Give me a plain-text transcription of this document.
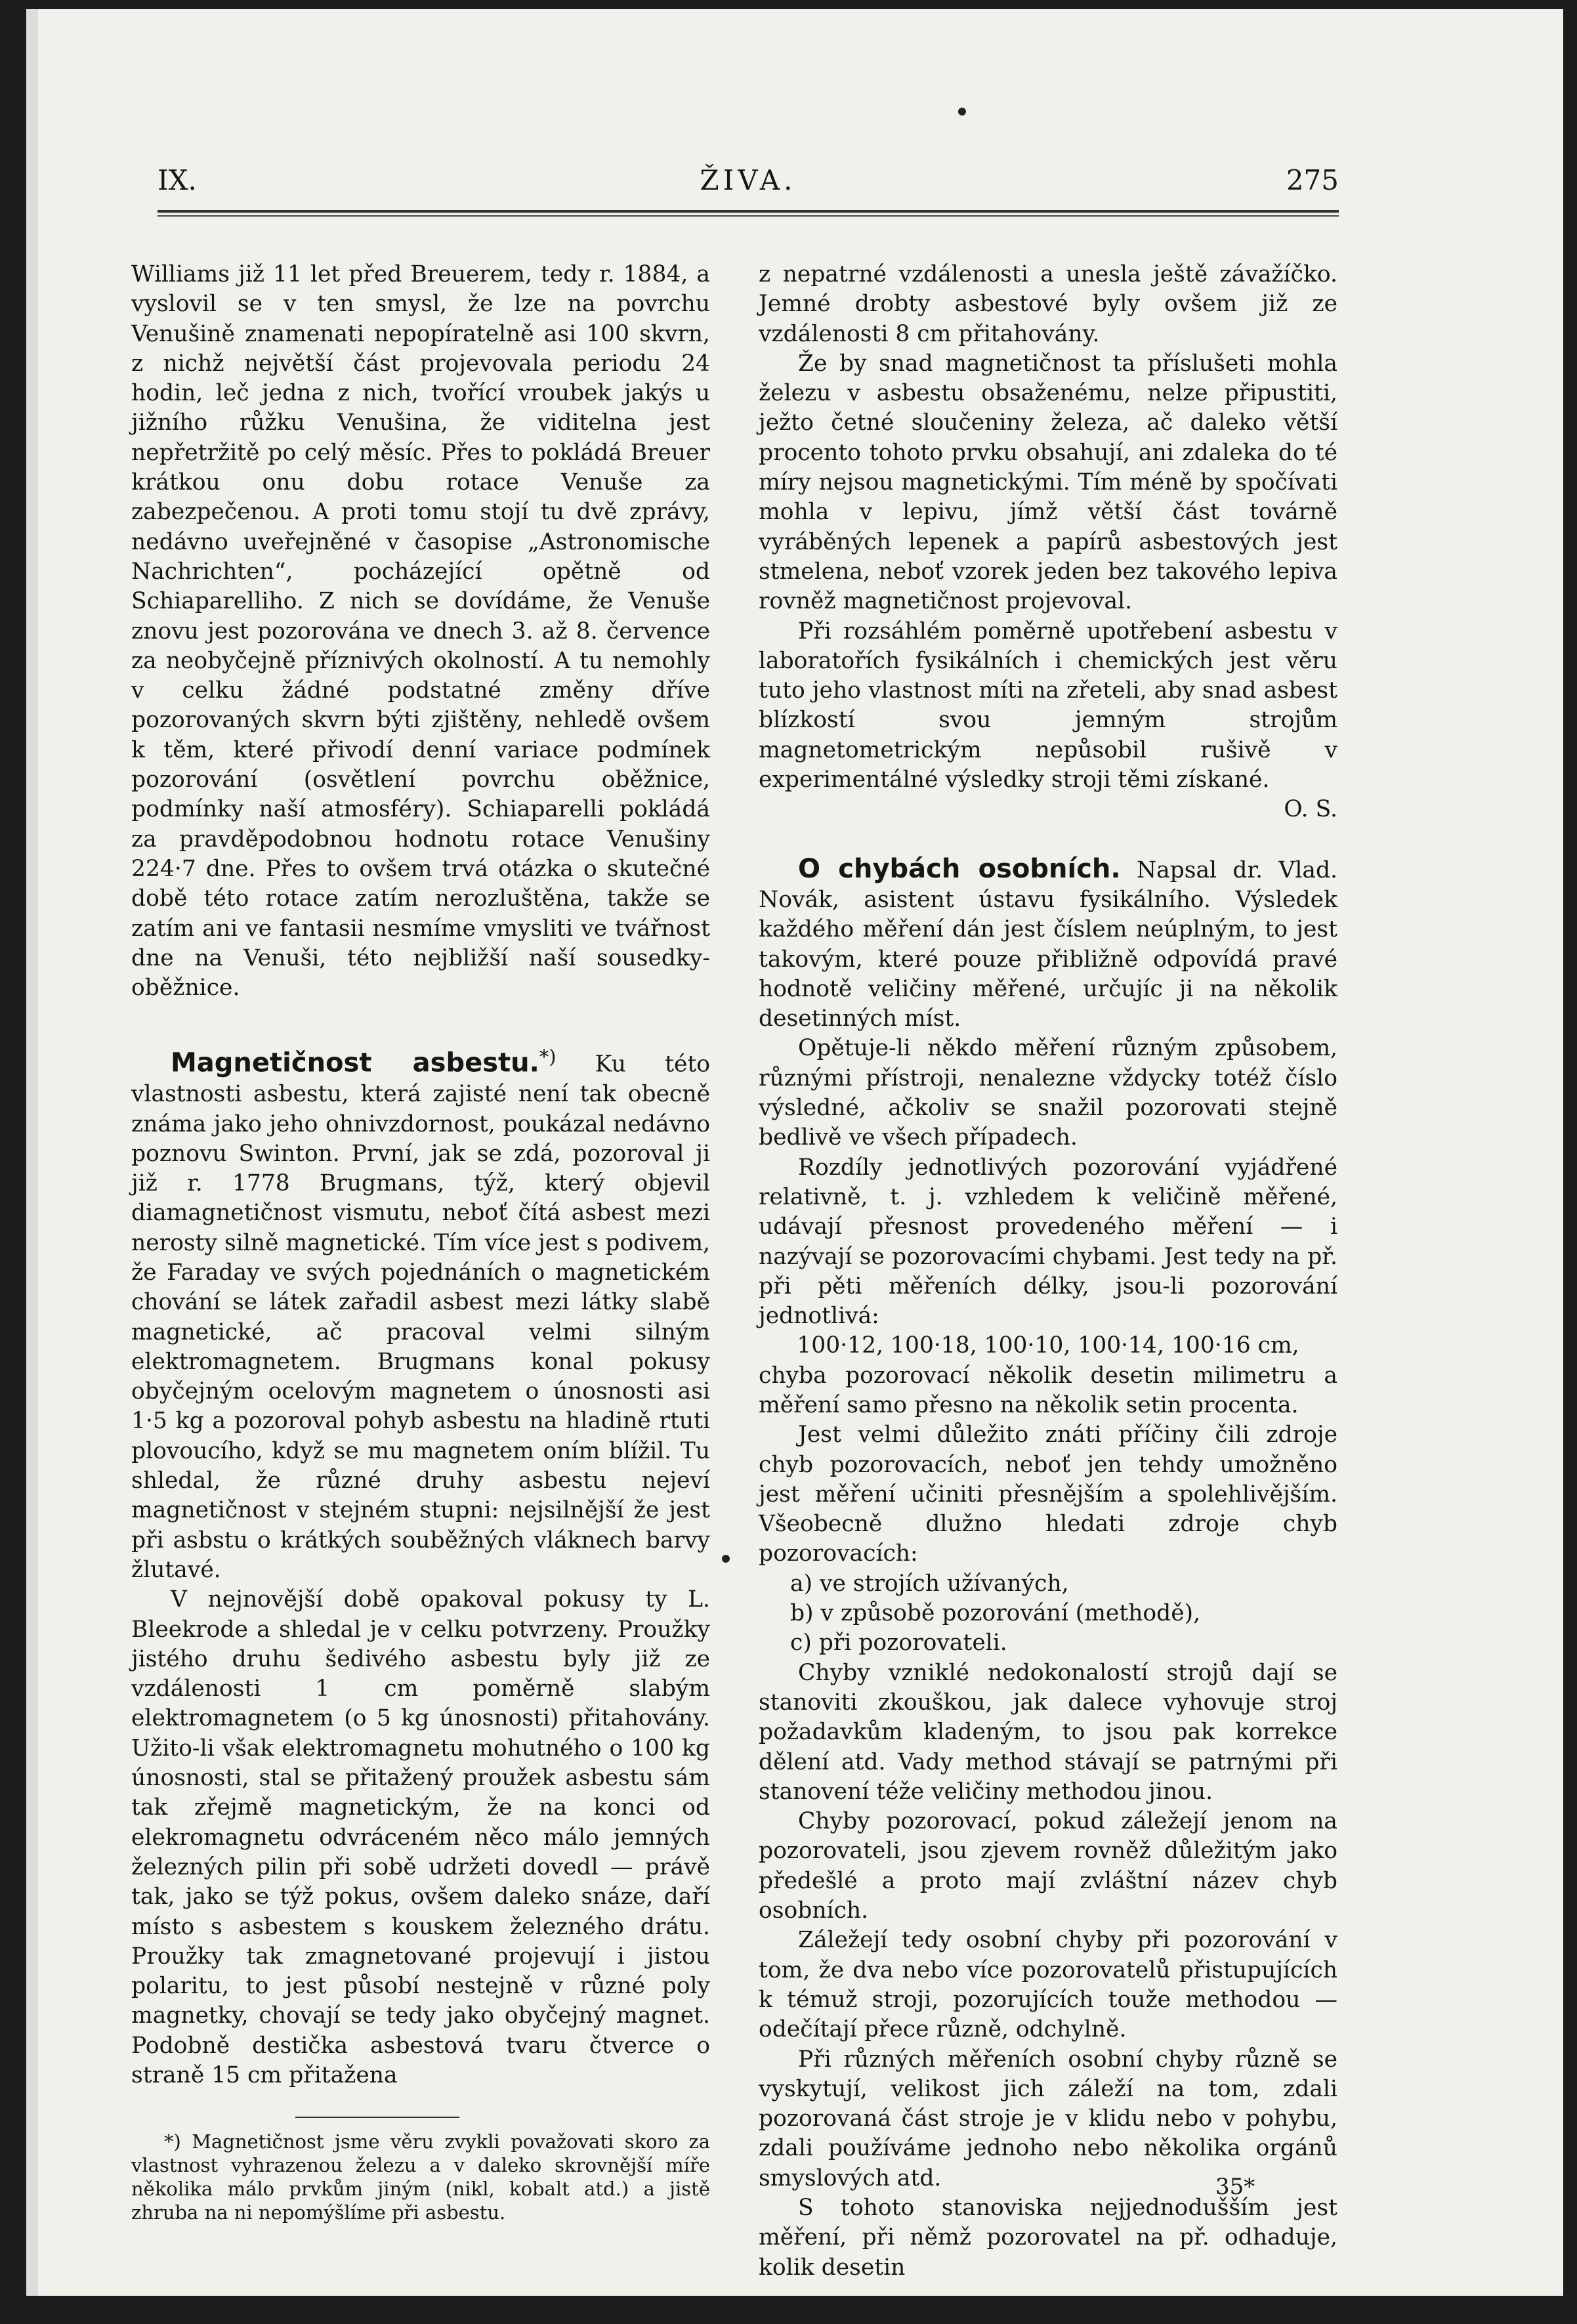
IX.	ŽIVA.	275

Williams již 11 let před Breuerem, tedy r. 1884, a vyslovil se v ten smysl, že lze na povrchu Venušině znamenati nepopíratelně asi 100 skvrn, z nichž největší část projevovala periodu 24 hodin, leč jedna z nich, tvořící vroubek jakýs u jižního růžku Venušina, že viditelna jest nepřetržitě po celý měsíc. Přes to pokládá Breuer krátkou onu dobu rotace Venuše za zabezpečenou. A proti tomu stojí tu dvě zprávy, nedávno uveřejněné v časopise „Astronomische Nachrichten“, pocházející opětně od Schiaparelliho. Z nich se dovídáme, že Venuše znovu jest pozorována ve dnech 3. až 8. července za neobyčejně příznivých okolností. A tu nemohly v celku žádné podstatné změny dříve pozorovaných skvrn býti zjištěny, nehledě ovšem k těm, které přivodí denní variace podmínek pozorování (osvětlení povrchu oběžnice, podmínky naší atmosféry). Schiaparelli pokládá za pravděpodobnou hodnotu rotace Venušiny 224·7 dne. Přes to ovšem trvá otázka o skutečné době této rotace zatím nerozluštěna, takže se zatím ani ve fantasii nesmíme vmysliti ve tvářnost dne na Venuši, této nejbližší naší sousedky-oběžnice.

Magnetičnost asbestu.*) Ku této vlastnosti asbestu, která zajisté není tak obecně známa jako jeho ohnivzdornost, poukázal nedávno poznovu Swinton. První, jak se zdá, pozoroval ji již r. 1778 Brugmans, týž, který objevil diamagnetičnost vismutu, neboť čítá asbest mezi nerosty silně magnetické. Tím více jest s podivem, že Faraday ve svých pojednáních o magnetickém chování se látek zařadil asbest mezi látky slabě magnetické, ač pracoval velmi silným elektromagnetem. Brugmans konal pokusy obyčejným ocelovým magnetem o únosnosti asi 1·5 kg a pozoroval pohyb asbestu na hladině rtuti plovoucího, když se mu magnetem oním blížil. Tu shledal, že různé druhy asbestu nejeví magnetičnost v stejném stupni: nejsilnější že jest při asbstu o krátkých souběžných vláknech barvy žlutavé.

V nejnovější době opakoval pokusy ty L. Bleekrode a shledal je v celku potvrzeny. Proužky jistého druhu šedivého asbestu byly již ze vzdálenosti 1 cm poměrně slabým elektromagnetem (o 5 kg únosnosti) přitahovány. Užito-li však elektromagnetu mohutného o 100 kg únosnosti, stal se přitažený proužek asbestu sám tak zřejmě magnetickým, že na konci od elekromagnetu odvráceném něco málo jemných železných pilin při sobě udržeti dovedl — právě tak, jako se týž pokus, ovšem daleko snáze, daří místo s asbestem s kouskem železného drátu. Proužky tak zmagnetované projevují i jistou polaritu, to jest působí nestejně v různé poly magnetky, chovají se tedy jako obyčejný magnet. Podobně destička asbestová tvaru čtverce o straně 15 cm přitažena

*) Magnetičnost jsme věru zvykli považovati skoro za vlastnost vyhrazenou železu a v daleko skrovnější míře několika málo prvkům jiným (nikl, kobalt atd.) a jistě zhruba na ni nepomýšlíme při asbestu.

z nepatrné vzdálenosti a unesla ještě závažíčko. Jemné drobty asbestové byly ovšem již ze vzdálenosti 8 cm přitahovány.

Že by snad magnetičnost ta příslušeti mohla železu v asbestu obsaženému, nelze připustiti, ježto četné sloučeniny železa, ač daleko větší procento tohoto prvku obsahují, ani zdaleka do té míry nejsou magnetickými. Tím méně by spočívati mohla v lepivu, jímž větší část továrně vyráběných lepenek a papírů asbestových jest stmelena, neboť vzorek jeden bez takového lepiva rovněž magnetičnost projevoval.

Při rozsáhlém poměrně upotřebení asbestu v laboratořích fysikálních i chemických jest věru tuto jeho vlastnost míti na zřeteli, aby snad asbest blízkostí svou jemným strojům magnetometrickým nepůsobil rušivě v experimentálné výsledky stroji těmi získané.

O. S.

O chybách osobních. Napsal dr. Vlad. Novák, asistent ústavu fysikálního. Výsledek každého měření dán jest číslem neúplným, to jest takovým, které pouze přibližně odpovídá pravé hodnotě veličiny měřené, určujíc ji na několik desetinných míst.

Opětuje-li někdo měření různým způsobem, různými přístroji, nenalezne vždycky totéž číslo výsledné, ačkoliv se snažil pozorovati stejně bedlivě ve všech případech.

Rozdíly jednotlivých pozorování vyjádřené relativně, t. j. vzhledem k veličině měřené, udávají přesnost provedeného měření — i nazývají se pozorovacími chybami. Jest tedy na př. při pěti měřeních délky, jsou-li pozorování jednotlivá:

100·12, 100·18, 100·10, 100·14, 100·16 cm,

chyba pozorovací několik desetin milimetru a měření samo přesno na několik setin procenta.

Jest velmi důležito znáti příčiny čili zdroje chyb pozorovacích, neboť jen tehdy umožněno jest měření učiniti přesnějším a spolehlivějším. Všeobecně dlužno hledati zdroje chyb pozorovacích:

a) ve strojích užívaných,

b) v způsobě pozorování (methodě),

c) při pozorovateli.

Chyby vzniklé nedokonalostí strojů dají se stanoviti zkouškou, jak dalece vyhovuje stroj požadavkům kladeným, to jsou pak korrekce dělení atd. Vady method stávají se patrnými při stanovení téže veličiny methodou jinou.

Chyby pozorovací, pokud záležejí jenom na pozorovateli, jsou zjevem rovněž důležitým jako předešlé a proto mají zvláštní název chyb osobních.

Záležejí tedy osobní chyby při pozorování v tom, že dva nebo více pozorovatelů přistupujících k témuž stroji, pozorujících touže methodou — odečítají přece různě, odchylně.

Při různých měřeních osobní chyby různě se vyskytují, velikost jich záleží na tom, zdali pozorovaná část stroje je v klidu nebo v pohybu, zdali používáme jednoho nebo několika orgánů smyslových atd.

S tohoto stanoviska nejjednodušším jest měření, při němž pozorovatel na př. odhaduje, kolik desetin

35*
